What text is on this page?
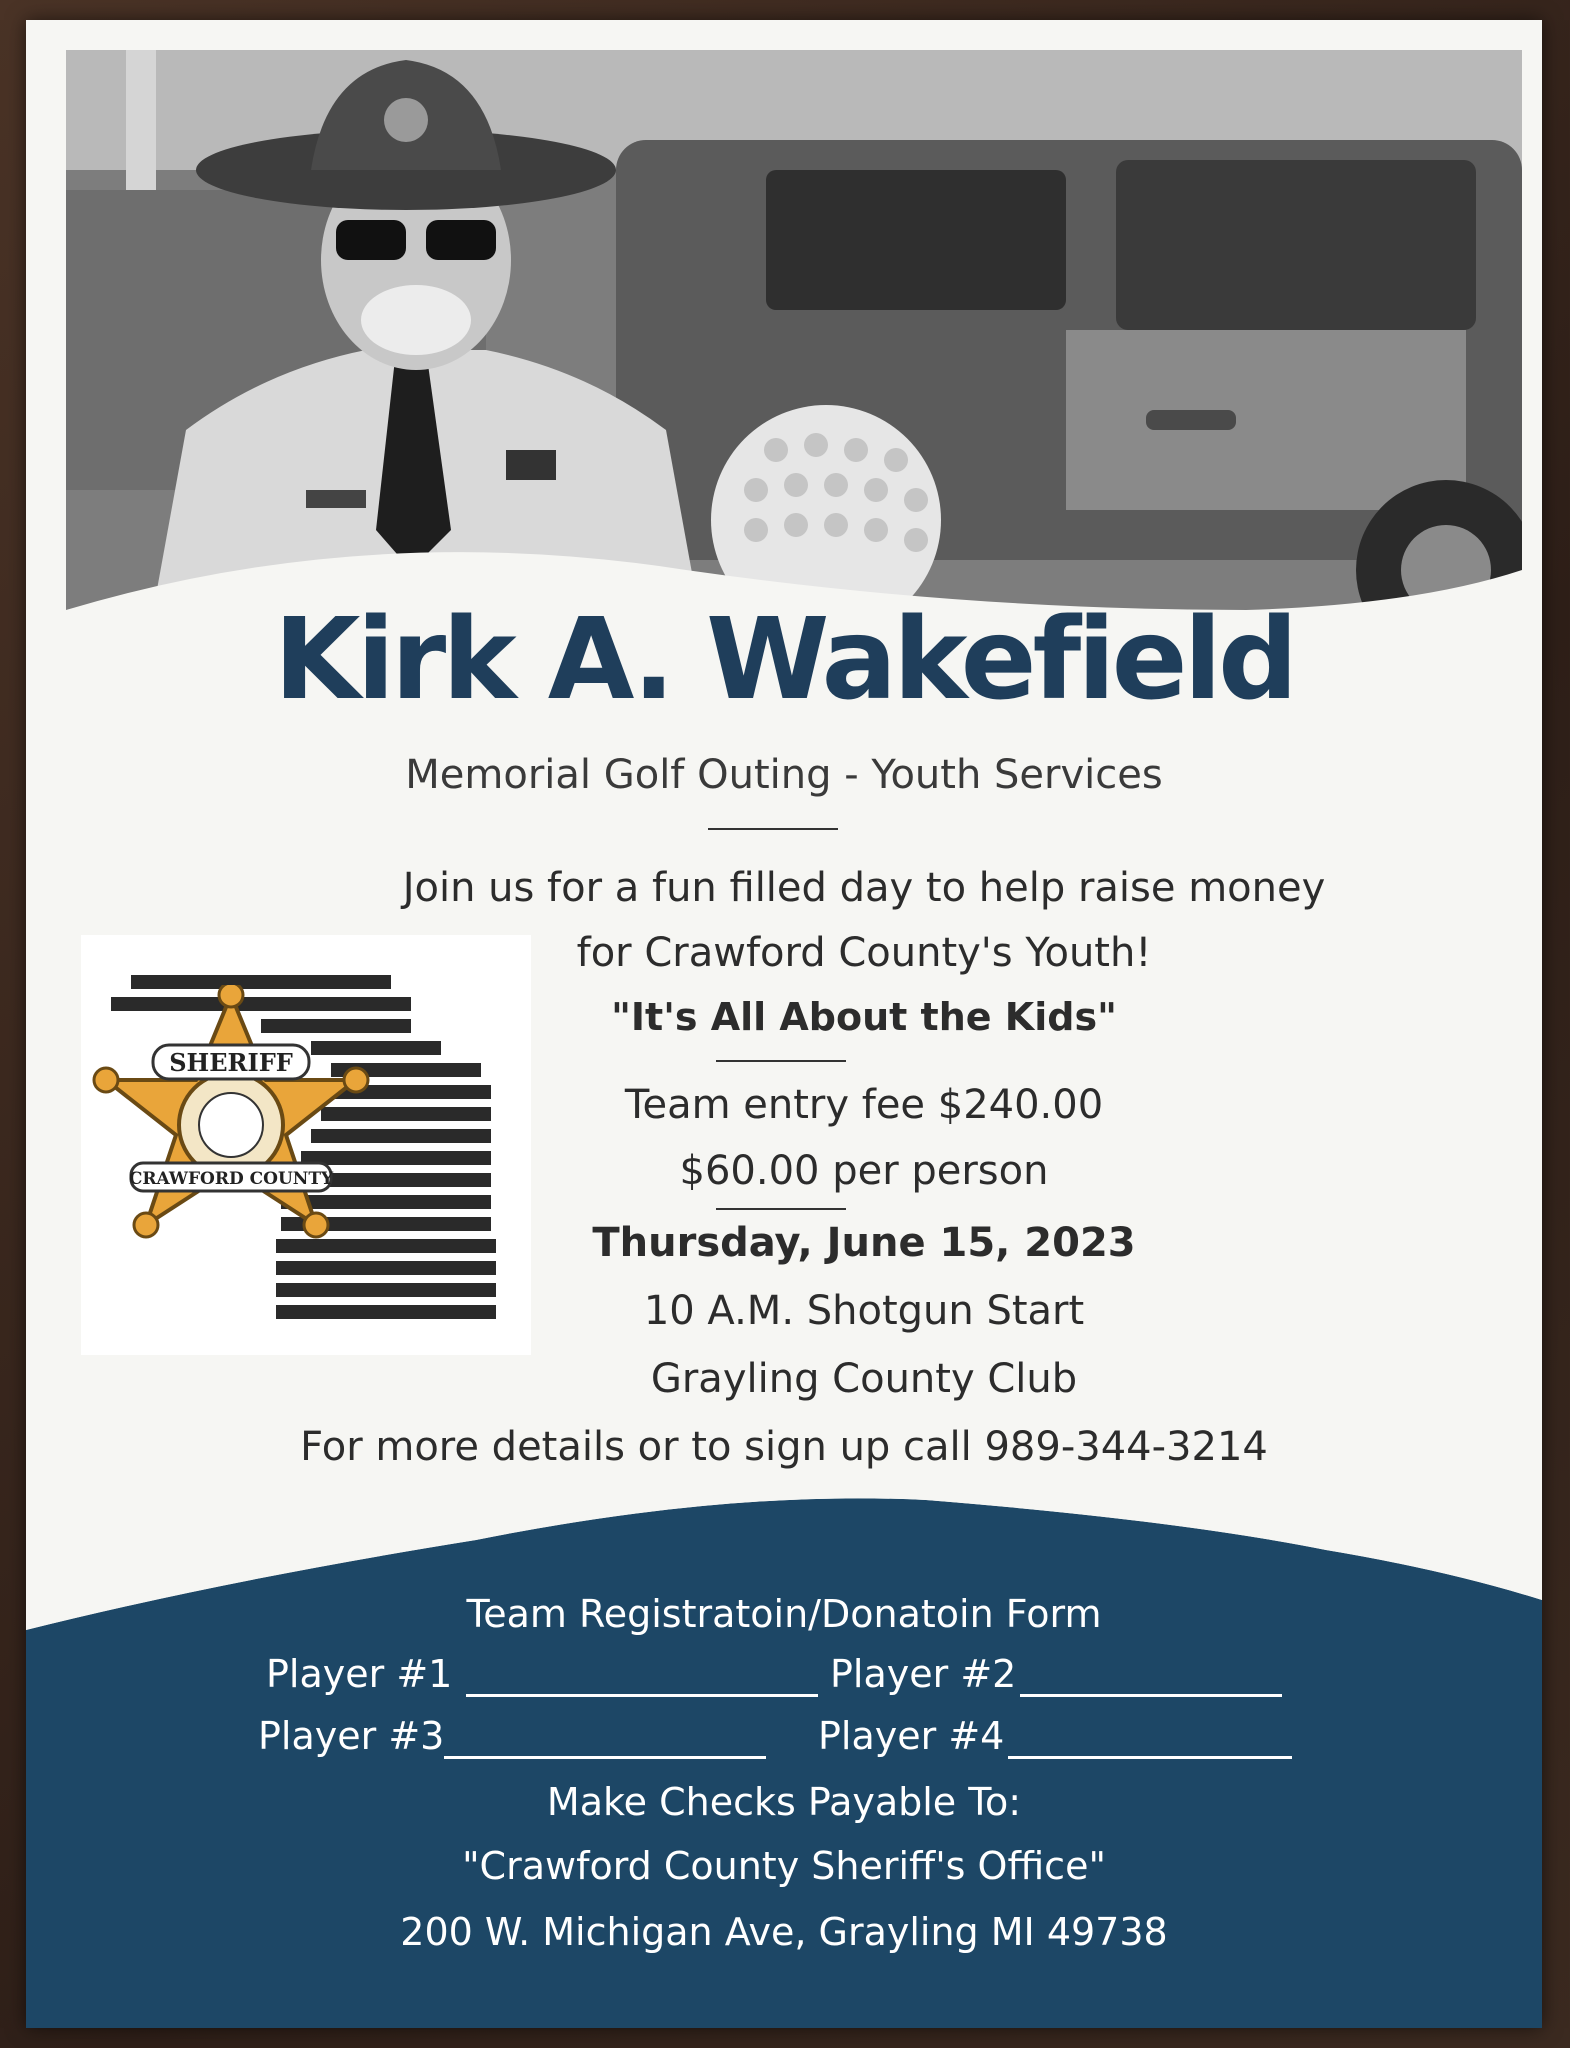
Kirk A. Wakefield
Memorial Golf Outing - Youth Services
Join us for a fun filled day to help raise money
for Crawford County's Youth!
"It's All About the Kids"
Team entry fee $240.00
$60.00 per person
Thursday, June 15, 2023
10 A.M. Shotgun Start
Grayling County Club
For more details or to sign up call 989-344-3214
SHERIFF
CRAWFORD COUNTY
Team Registratoin/Donatoin Form
Player #1	Player #2
Player #3	Player #4
Make Checks Payable To:
"Crawford County Sheriff's Office"
200 W. Michigan Ave, Grayling MI 49738
